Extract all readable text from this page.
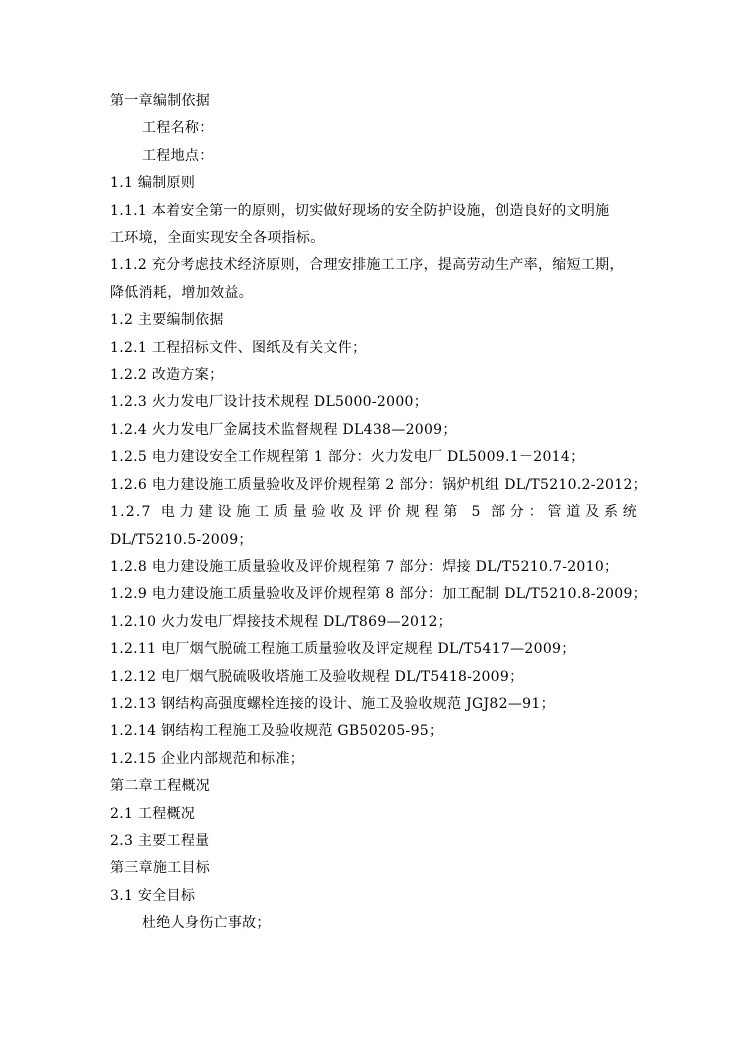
第一章编制依据
工程名称：
工程地点：
1.1 编制原则
1.1.1 本着安全第一的原则，切实做好现场的安全防护设施，创造良好的文明施
工环境，全面实现安全各项指标。
1.1.2 充分考虑技术经济原则，合理安排施工工序，提高劳动生产率，缩短工期，
降低消耗，增加效益。
1.2 主要编制依据
1.2.1 工程招标文件、图纸及有关文件；
1.2.2 改造方案；
1.2.3 火力发电厂设计技术规程 DL5000-2000；
1.2.4 火力发电厂金属技术监督规程 DL438—2009；
1.2.5 电力建设安全工作规程第 1 部分：火力发电厂 DL5009.1－2014；
1.2.6 电力建设施工质量验收及评价规程第 2 部分：锅炉机组 DL/T5210.2-2012；
1.2.7 电力建设施工质量验收及评价规程第 5 部分：管道及系统
DL/T5210.5-2009；
1.2.8 电力建设施工质量验收及评价规程第 7 部分：焊接 DL/T5210.7-2010；
1.2.9 电力建设施工质量验收及评价规程第 8 部分：加工配制 DL/T5210.8-2009；
1.2.10 火力发电厂焊接技术规程 DL/T869—2012；
1.2.11 电厂烟气脱硫工程施工质量验收及评定规程 DL/T5417—2009；
1.2.12 电厂烟气脱硫吸收塔施工及验收规程 DL/T5418-2009；
1.2.13 钢结构高强度螺栓连接的设计、施工及验收规范 JGJ82—91；
1.2.14 钢结构工程施工及验收规范 GB50205-95；
1.2.15 企业内部规范和标准；
第二章工程概况
2.1 工程概况
2.3 主要工程量
第三章施工目标
3.1 安全目标
杜绝人身伤亡事故；
